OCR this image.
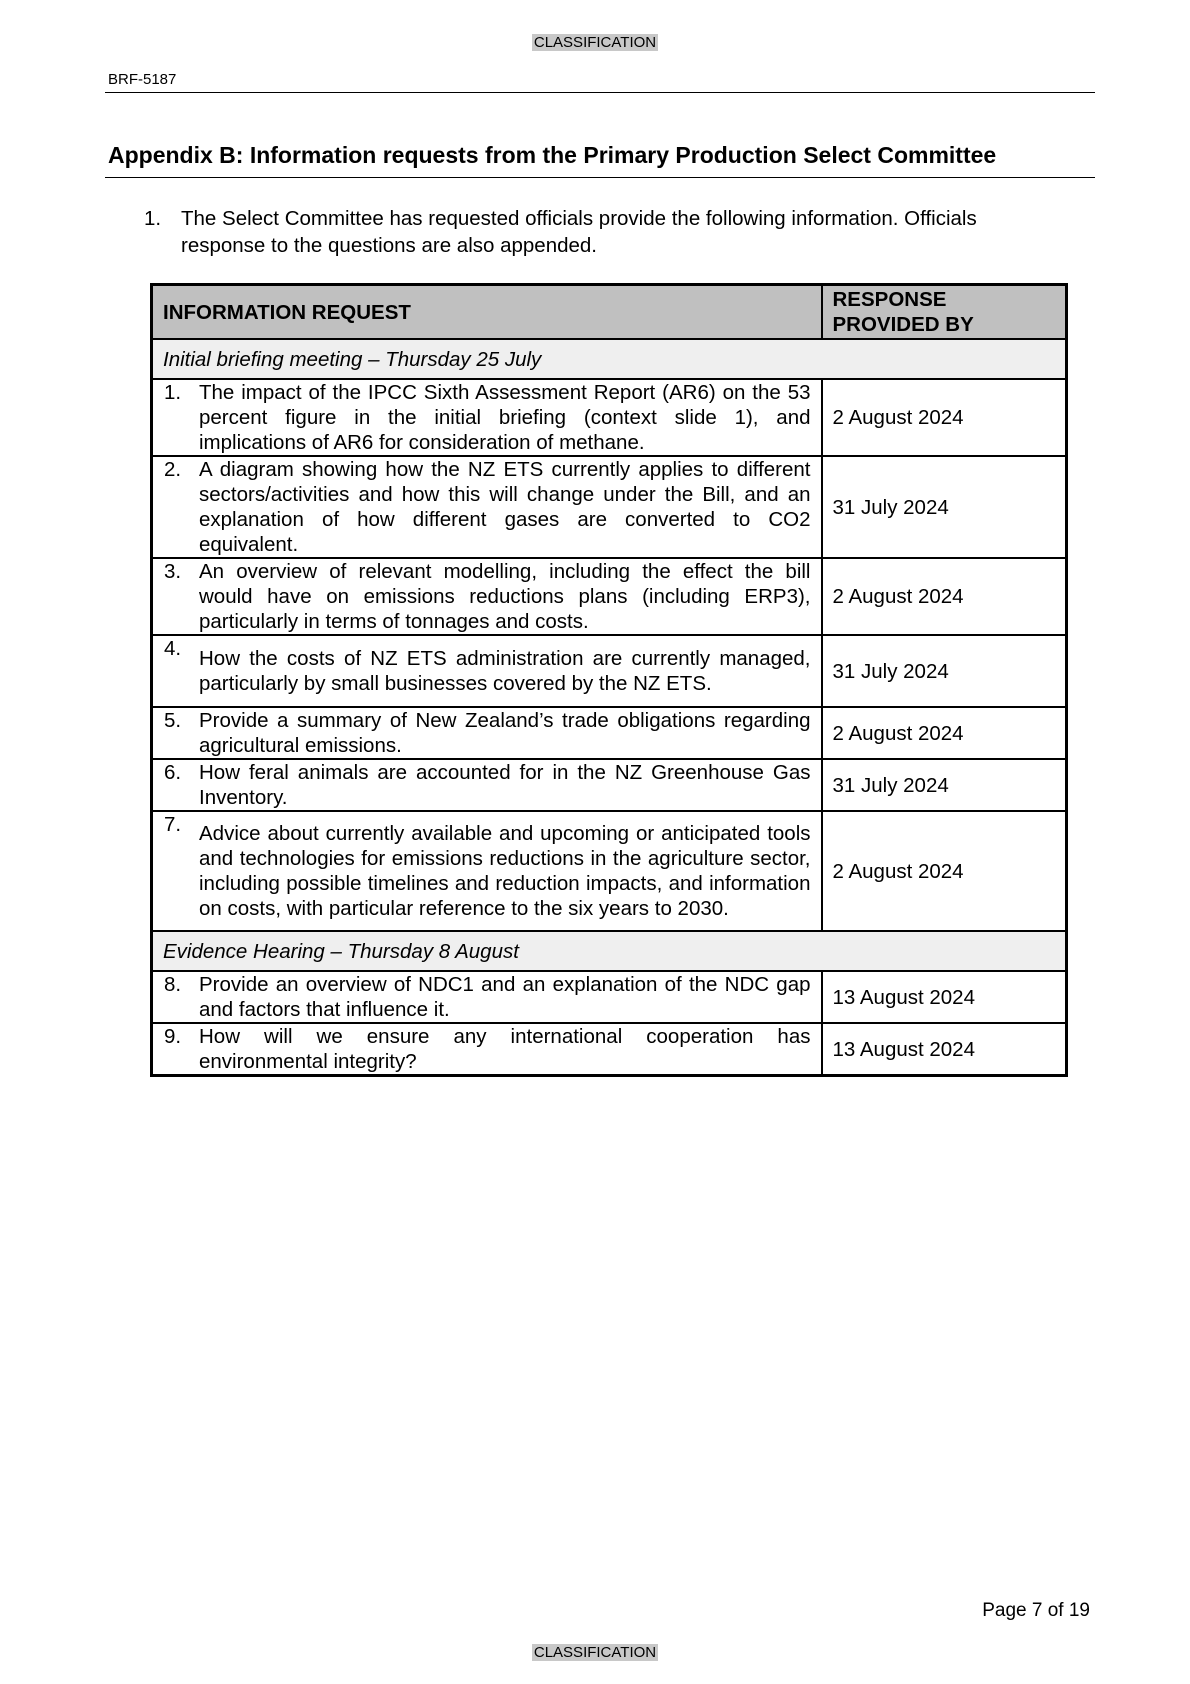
CLASSIFICATION
BRF-5187
Appendix B: Information requests from the Primary Production Select Committee
1. The Select Committee has requested officials provide the following information. Officials response to the questions are also appended.
INFORMATION REQUEST	RESPONSE PROVIDED BY
Initial briefing meeting – Thursday 25 July	

1. The impact of the IPCC Sixth Assessment Report (AR6) on the 53 percent figure in the initial briefing (context slide 1), and implications of AR6 for consideration of methane.	2 August 2024

2. A diagram showing how the NZ ETS currently applies to different sectors/activities and how this will change under the Bill, and an explanation of how different gases are converted to CO2 equivalent.	31 July 2024

3. An overview of relevant modelling, including the effect the bill would have on emissions reductions plans (including ERP3), particularly in terms of tonnages and costs.	2 August 2024

4. How the costs of NZ ETS administration are currently managed, particularly by small businesses covered by the NZ ETS.	31 July 2024

5. Provide a summary of New Zealand’s trade obligations regarding agricultural emissions.	2 August 2024

6. How feral animals are accounted for in the NZ Greenhouse Gas Inventory.	31 July 2024

7. Advice about currently available and upcoming or anticipated tools and technologies for emissions reductions in the agriculture sector, including possible timelines and reduction impacts, and information on costs, with particular reference to the six years to 2030.	2 August 2024
Evidence Hearing – Thursday 8 August	

8. Provide an overview of NDC1 and an explanation of the NDC gap and factors that influence it.	13 August 2024

9. How will we ensure any international cooperation has environmental integrity?	13 August 2024
Page 7 of 19
CLASSIFICATION
